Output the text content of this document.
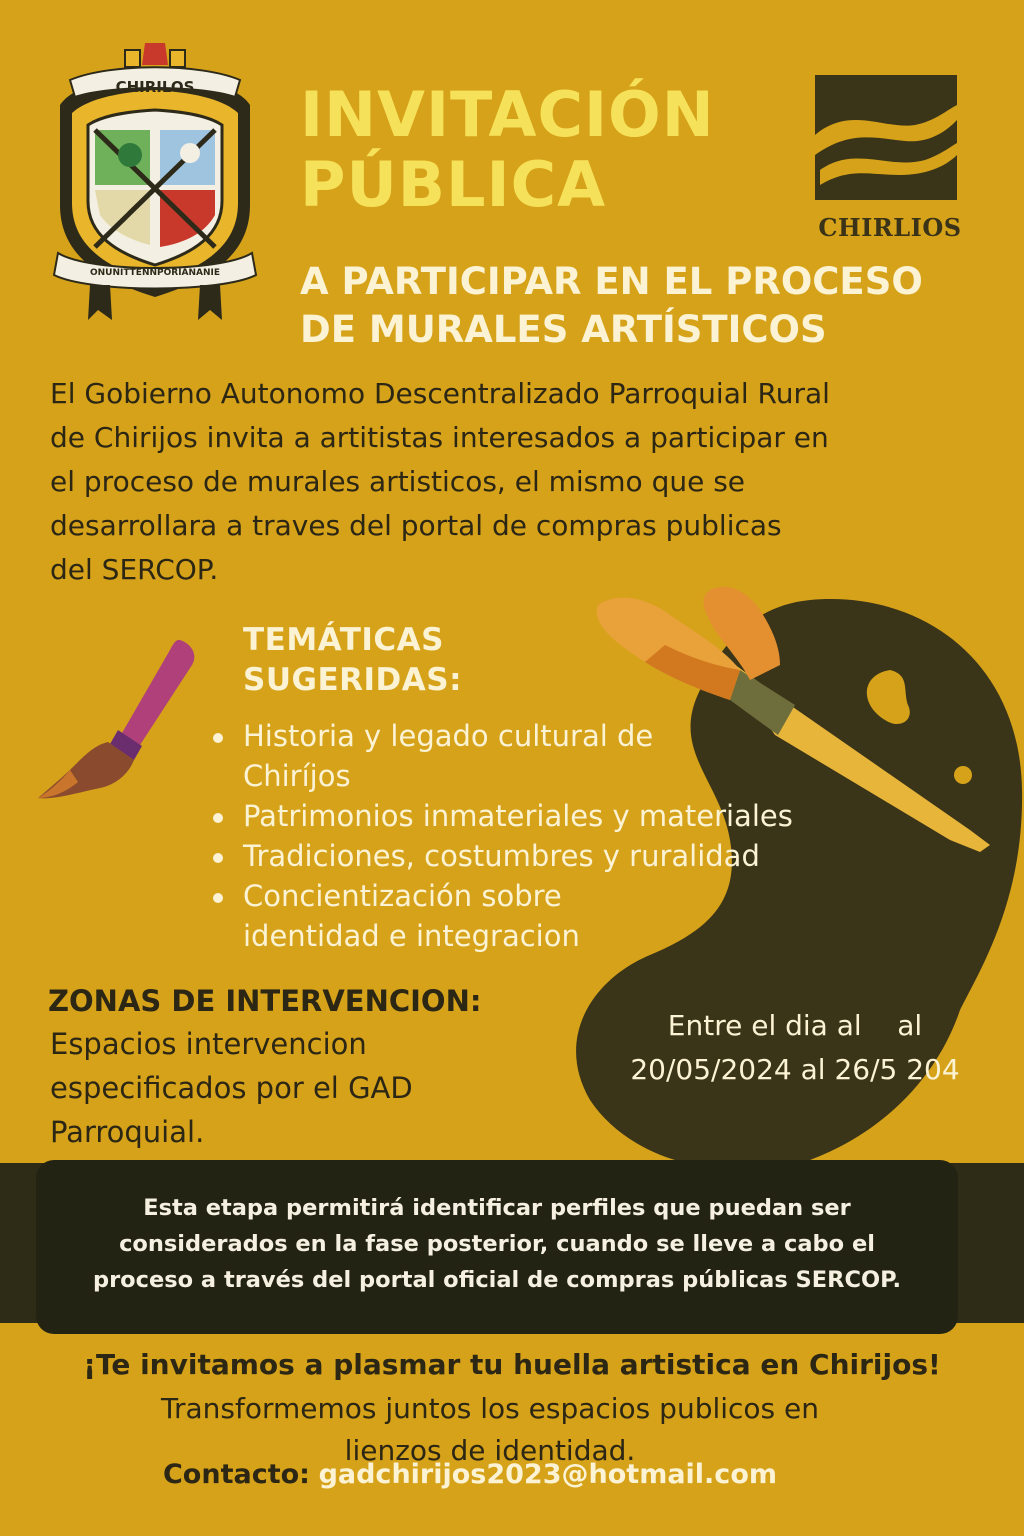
CHIRILOS
ONUNITTENNPORIANANIE
CHIRLIOS
INVITACIÓN
PÚBLICA
A PARTICIPAR EN EL PROCESO
DE MURALES ARTÍSTICOS
El Gobierno Autonomo Descentralizado Parroquial Rural
de Chirijos invita a artitistas interesados a participar en
el proceso de murales artisticos, el mismo que se
desarrollara a traves del portal de compras publicas
del SERCOP.
TEMÁTICAS
SUGERIDAS:
Historia y legado cultural de
Chiríjos
Patrimonios inmateriales y materiales
Tradiciones, costumbres y ruralidad
Concientización sobre
identidad e integracion
ZONAS DE INTERVENCION:
Espacios intervencion
especificados por el GAD
Parroquial.
Entre el dia al    al
20/05/2024 al 26/5 204
Esta etapa permitirá identificar perfiles que puedan ser
considerados en la fase posterior, cuando se lleve a cabo el
proceso a través del portal oficial de compras públicas SERCOP.
¡Te invitamos a plasmar tu huella artistica en Chirijos!
Transformemos juntos los espacios publicos en
lienzos de identidad.
Contacto: gadchirijos2023@hotmail.com
